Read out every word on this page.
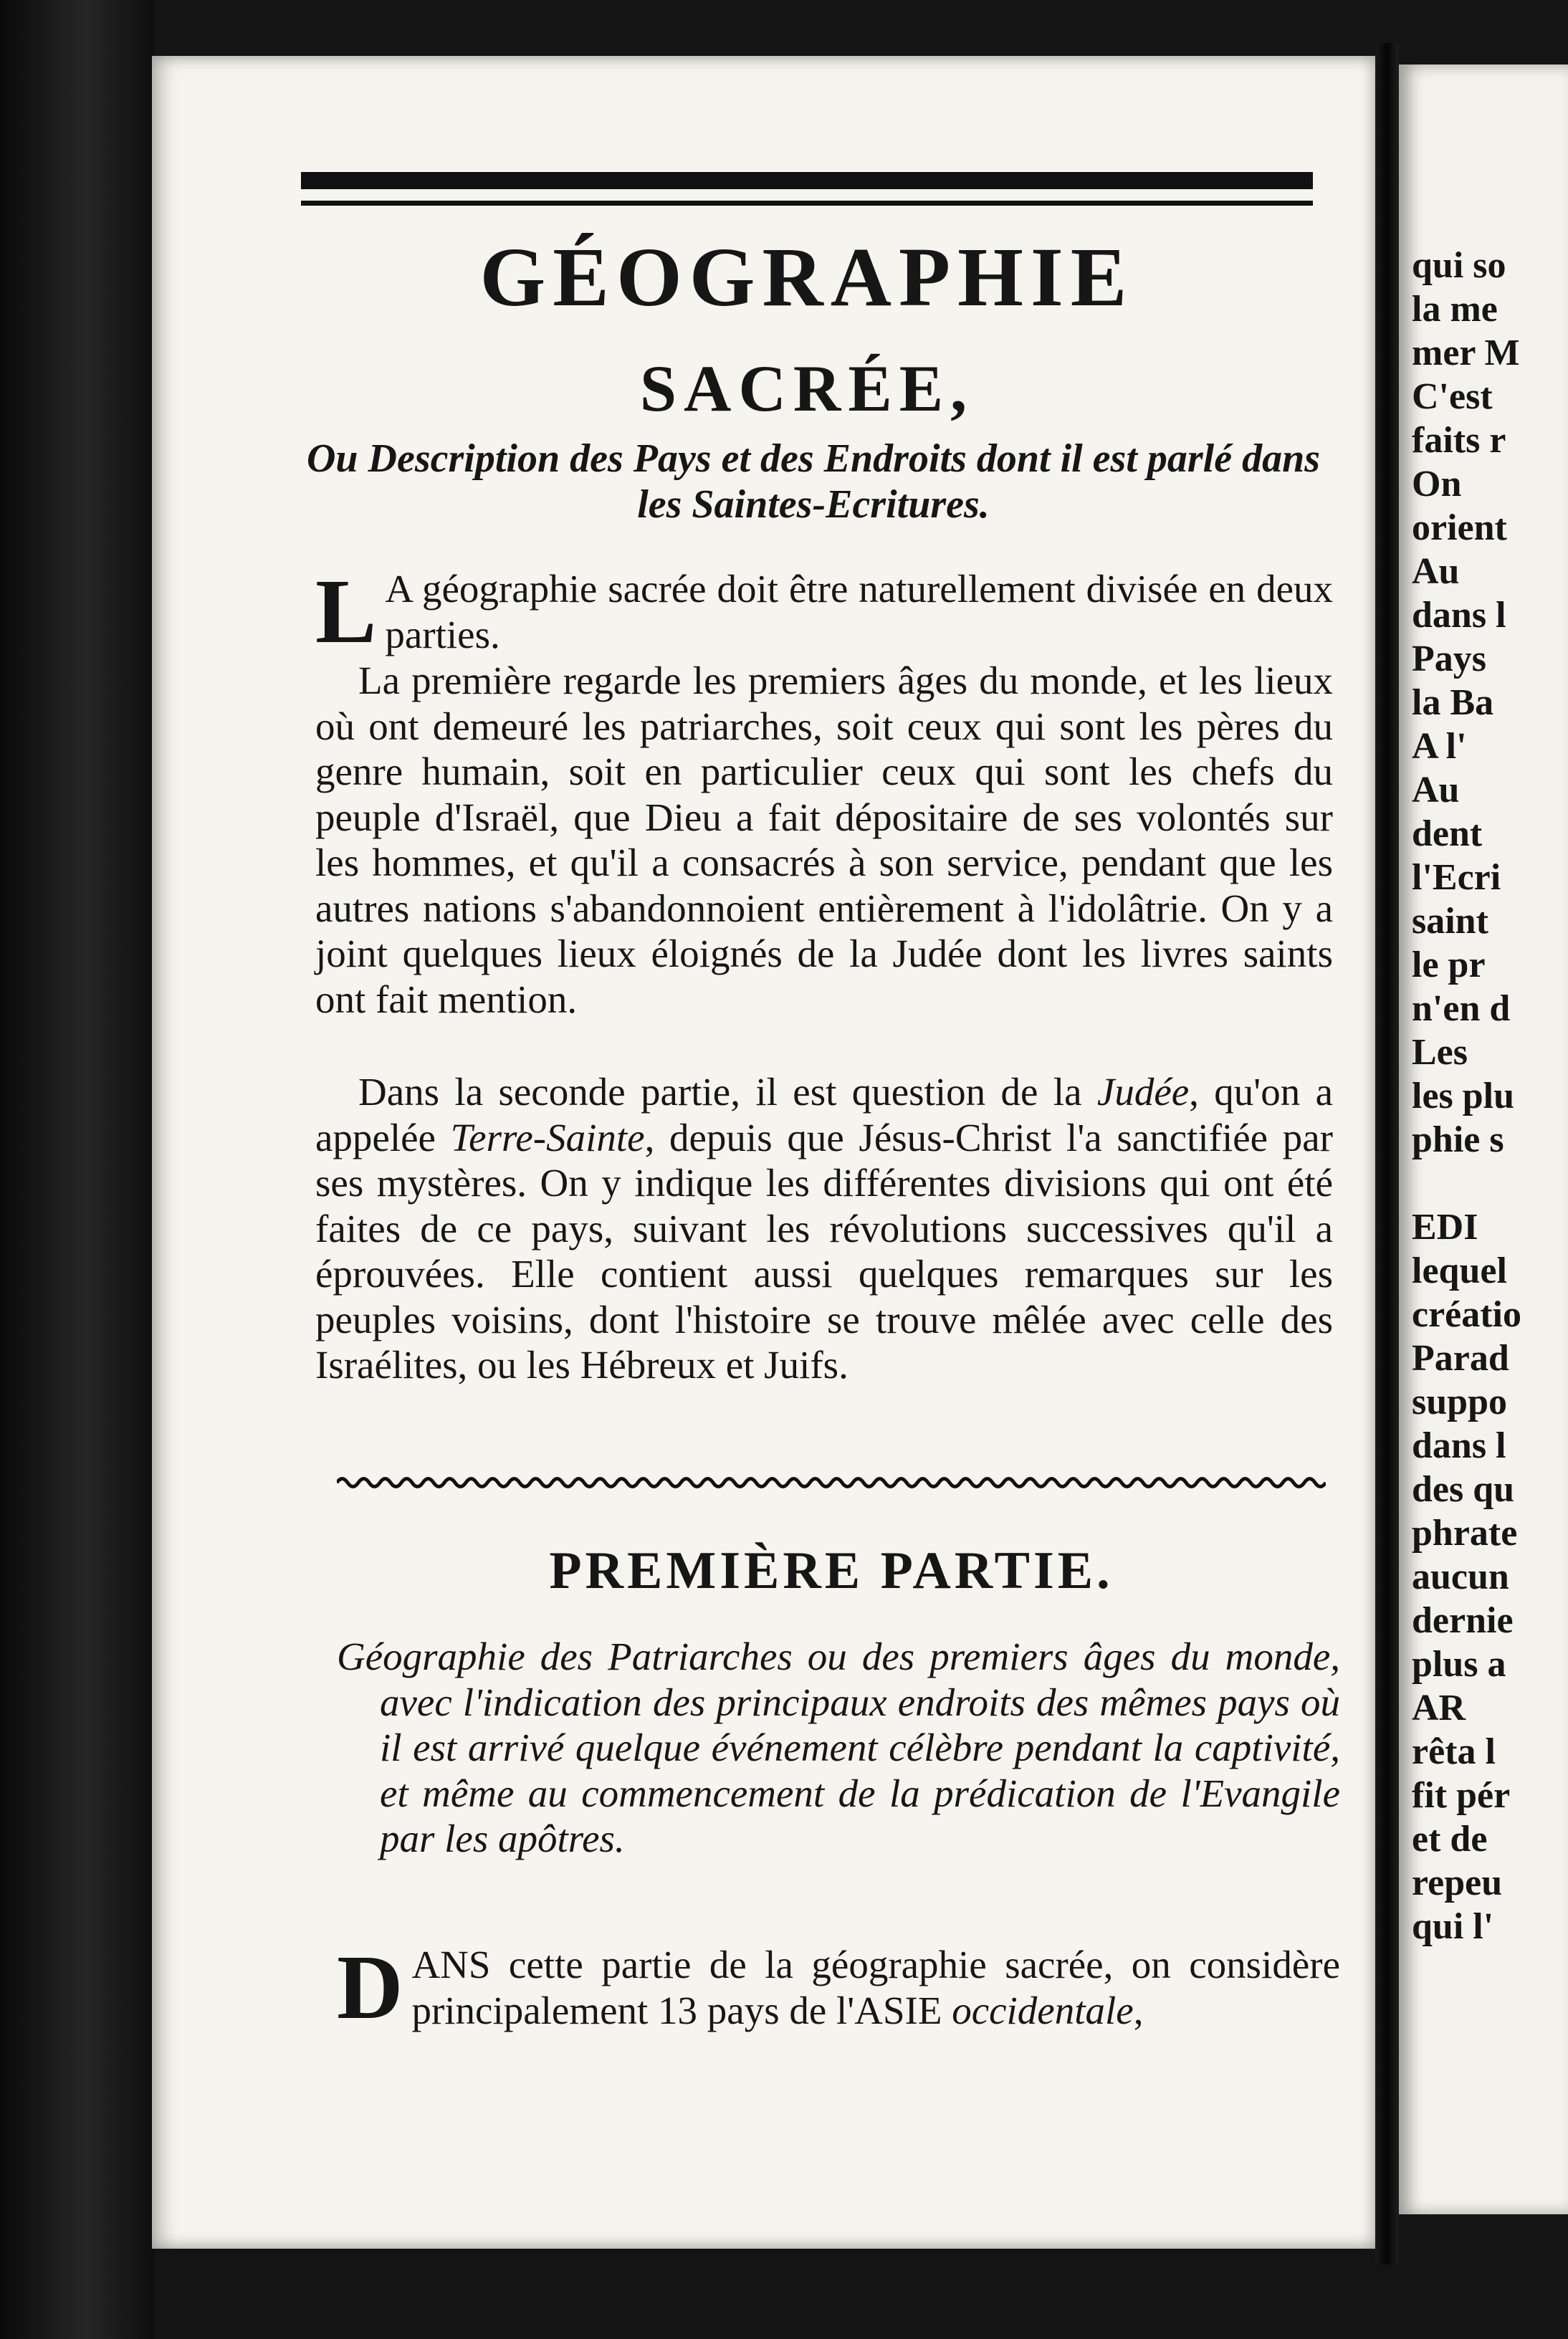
qui so
la me
mer M
C'est
faits r
On
orient
Au
dans l
Pays
la Ba
A l'
Au
dent
l'Ecri
saint
le pr
n'en d
Les
les plu
phie s

EDI
lequel
créatio
Parad
suppo
dans l
des qu
phrate
aucun
dernie
plus a
AR
rêta l
fit pér
et de
repeu
qui l'
GÉOGRAPHIE
SACRÉE,

Ou Description des Pays et des Endroits dont il est parlé dans les Saintes-Ecritures.

L A géographie sacrée doit être naturellement divisée en deux parties.

La première regarde les premiers âges du monde, et les lieux où ont demeuré les patriarches, soit ceux qui sont les pères du genre humain, soit en particulier ceux qui sont les chefs du peuple d'Israël, que Dieu a fait dépositaire de ses volontés sur les hommes, et qu'il a consacrés à son service, pendant que les autres nations s'abandonnoient entièrement à l'idolâtrie. On y a joint quelques lieux éloignés de la Judée dont les livres saints ont fait mention.

Dans la seconde partie, il est question de la Judée, qu'on a appelée Terre-Sainte, depuis que Jésus-Christ l'a sanctifiée par ses mystères. On y indique les différentes divisions qui ont été faites de ce pays, suivant les révolutions successives qu'il a éprouvées. Elle contient aussi quelques remarques sur les peuples voisins, dont l'histoire se trouve mêlée avec celle des Israélites, ou les Hébreux et Juifs.

PREMIÈRE PARTIE.

Géographie des Patriarches ou des premiers âges du monde, avec l'indication des principaux endroits des mêmes pays où il est arrivé quelque événement célèbre pendant la captivité, et même au commencement de la prédication de l'Evangile par les apôtres.

DANS cette partie de la géographie sacrée, on considère principalement 13 pays de l'ASIE occidentale,
